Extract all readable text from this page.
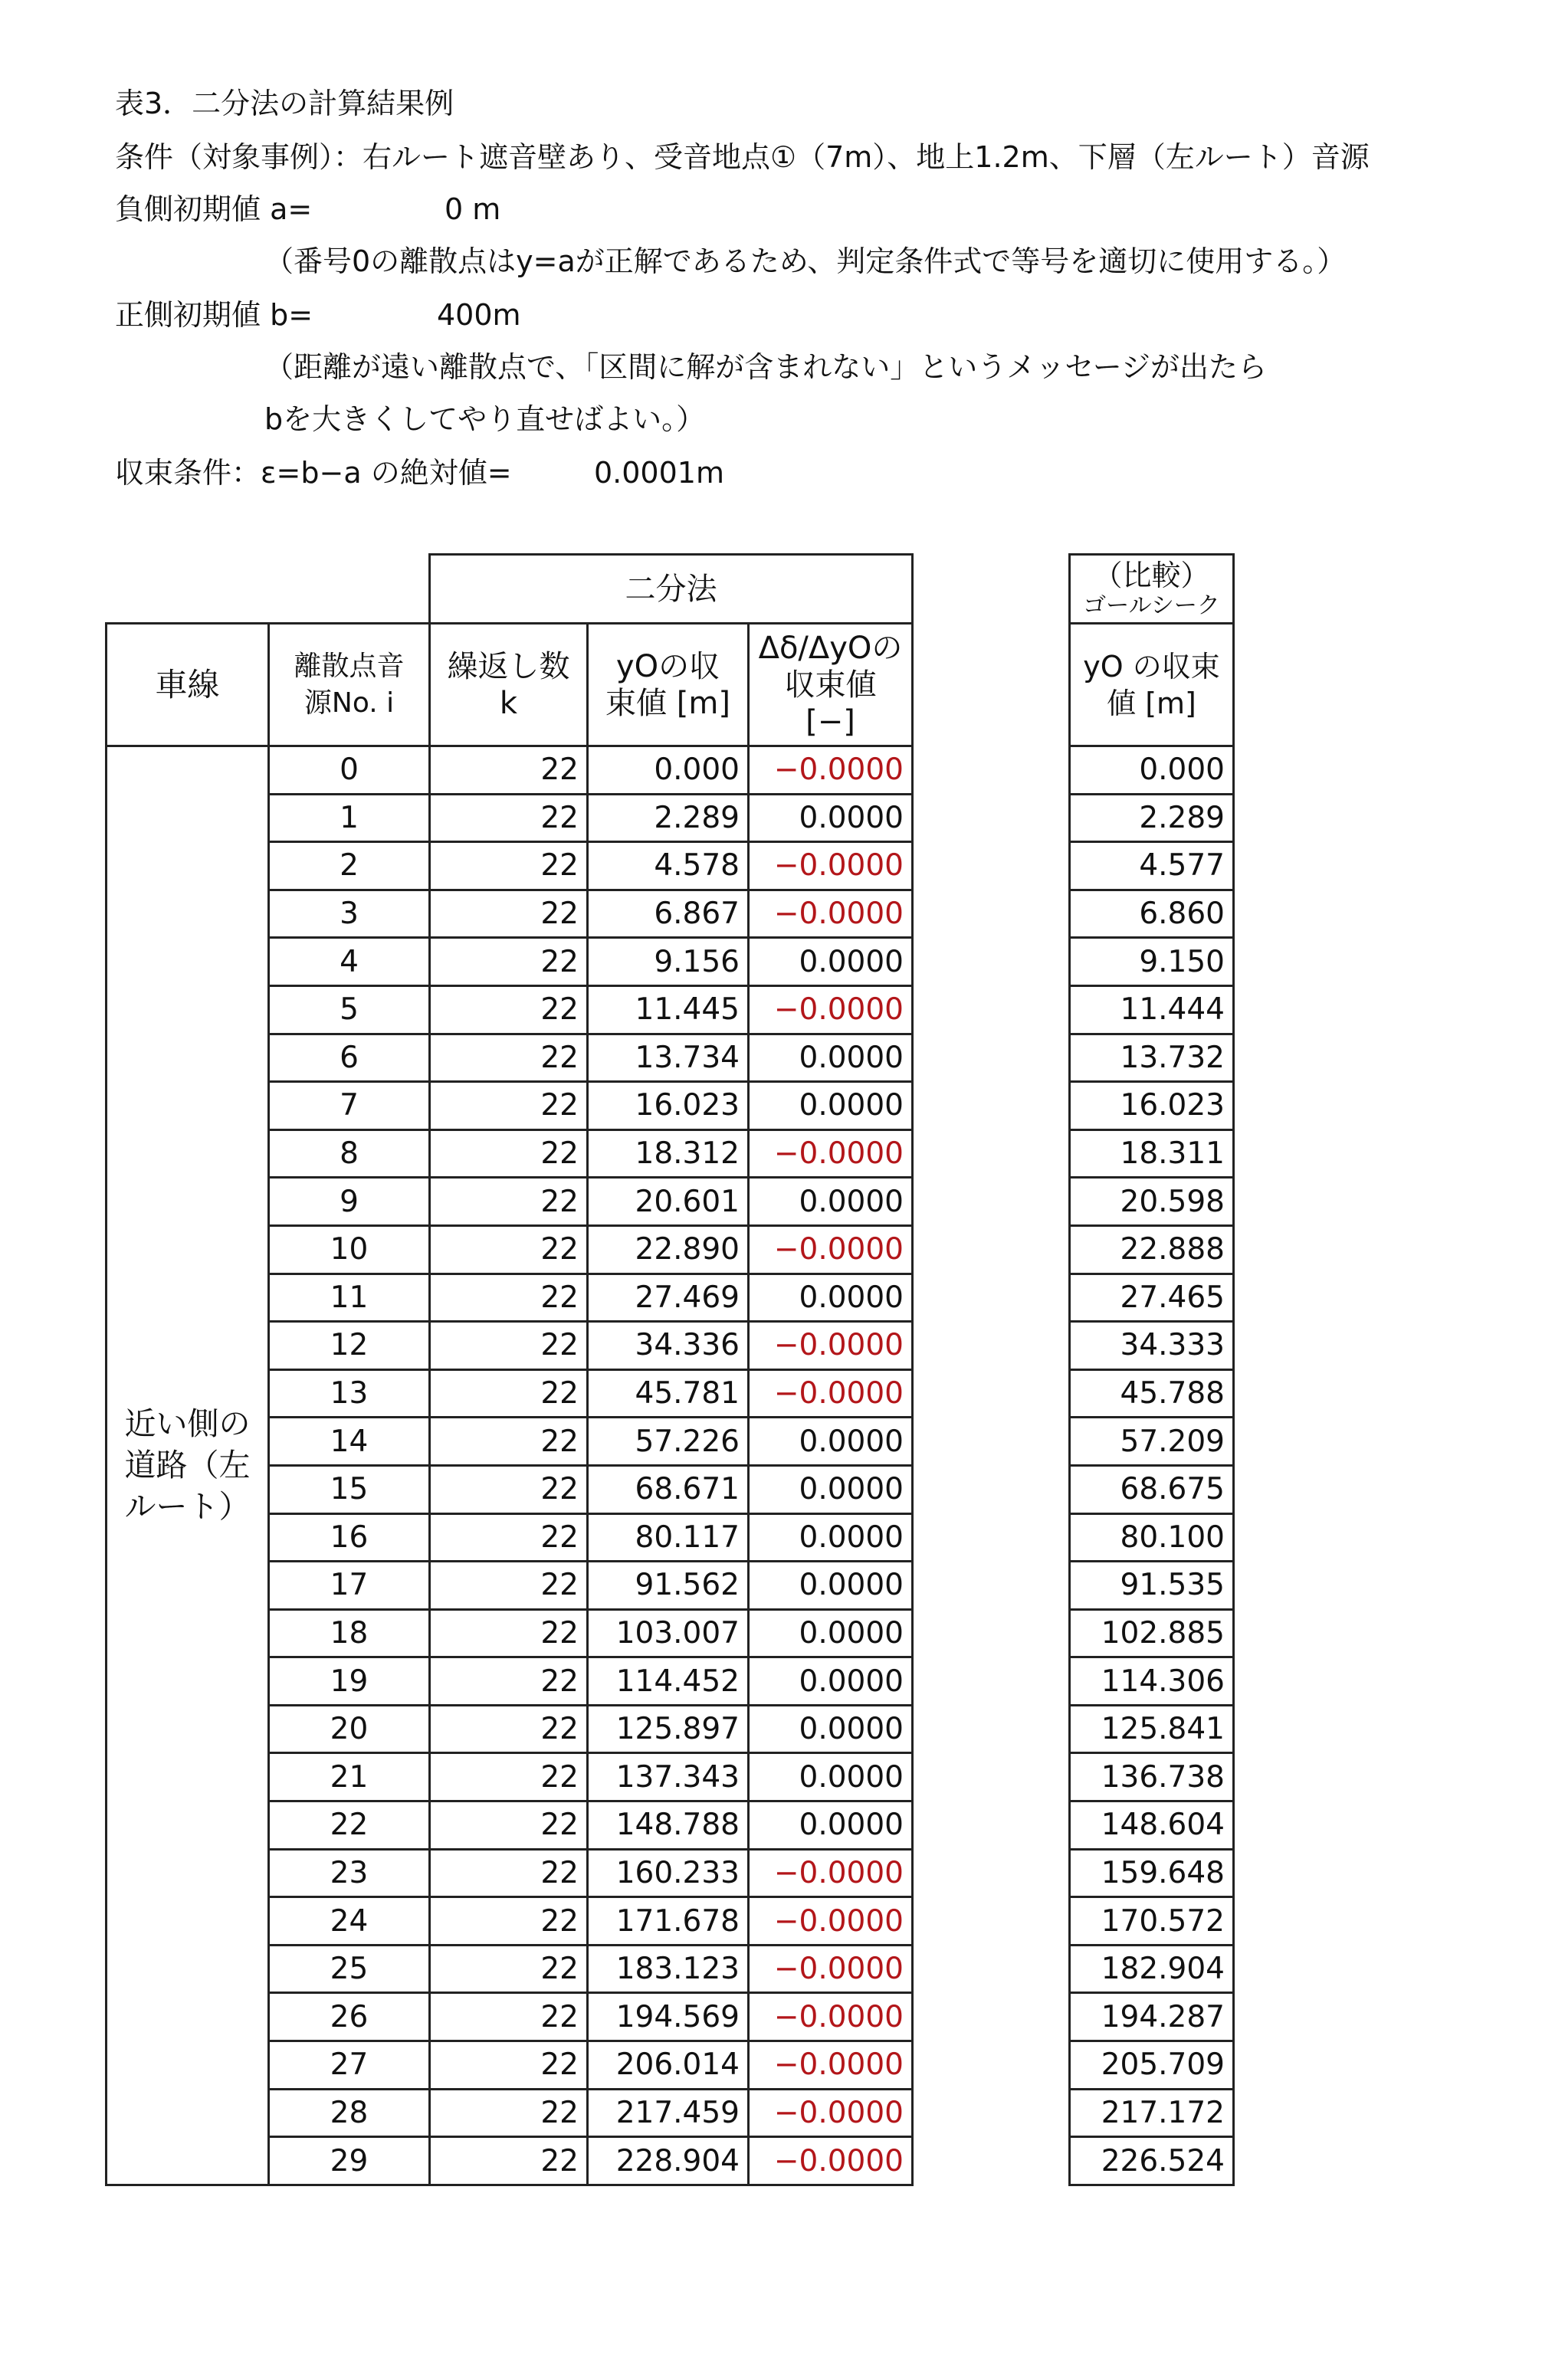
表3．二分法の計算結果例
条件（対象事例）：右ルート遮音壁あり、受音地点①（7m）、地上1.2m、下層（左ルート）音源
負側初期値 a=	0 m
（番号0の離散点はy=aが正解であるため、判定条件式で等号を適切に使用する。）
正側初期値 b=	400m
（距離が遠い離散点で、「区間に解が含まれない」というメッセージが出たら
bを大きくしてやり直せばよい。）
収束条件：ε=b−a の絶対値=	0.0001m
		二分法		
車線	離散点音源No. i	繰返し数 k	yOの収束値 [m]	Δδ/ΔyOの収束値 [−]
近い側の道路（左ルート）	0	22	0.000	−0.0000
	1	22	2.289	0.0000
	2	22	4.578	−0.0000
	3	22	6.867	−0.0000
	4	22	9.156	0.0000
	5	22	11.445	−0.0000
	6	22	13.734	0.0000
	7	22	16.023	0.0000
	8	22	18.312	−0.0000
	9	22	20.601	0.0000
	10	22	22.890	−0.0000
	11	22	27.469	0.0000
	12	22	34.336	−0.0000
	13	22	45.781	−0.0000
	14	22	57.226	0.0000
	15	22	68.671	0.0000
	16	22	80.117	0.0000
	17	22	91.562	0.0000
	18	22	103.007	0.0000
	19	22	114.452	0.0000
	20	22	125.897	0.0000
	21	22	137.343	0.0000
	22	22	148.788	0.0000
	23	22	160.233	−0.0000
	24	22	171.678	−0.0000
	25	22	183.123	−0.0000
	26	22	194.569	−0.0000
	27	22	206.014	−0.0000
	28	22	217.459	−0.0000
	29	22	228.904	−0.0000
（比較）
ゴールシーク

yO の収束値 [m]
0.000
2.289
4.577
6.860
9.150
11.444
13.732
16.023
18.311
20.598
22.888
27.465
34.333
45.788
57.209
68.675
80.100
91.535
102.885
114.306
125.841
136.738
148.604
159.648
170.572
182.904
194.287
205.709
217.172
226.524
